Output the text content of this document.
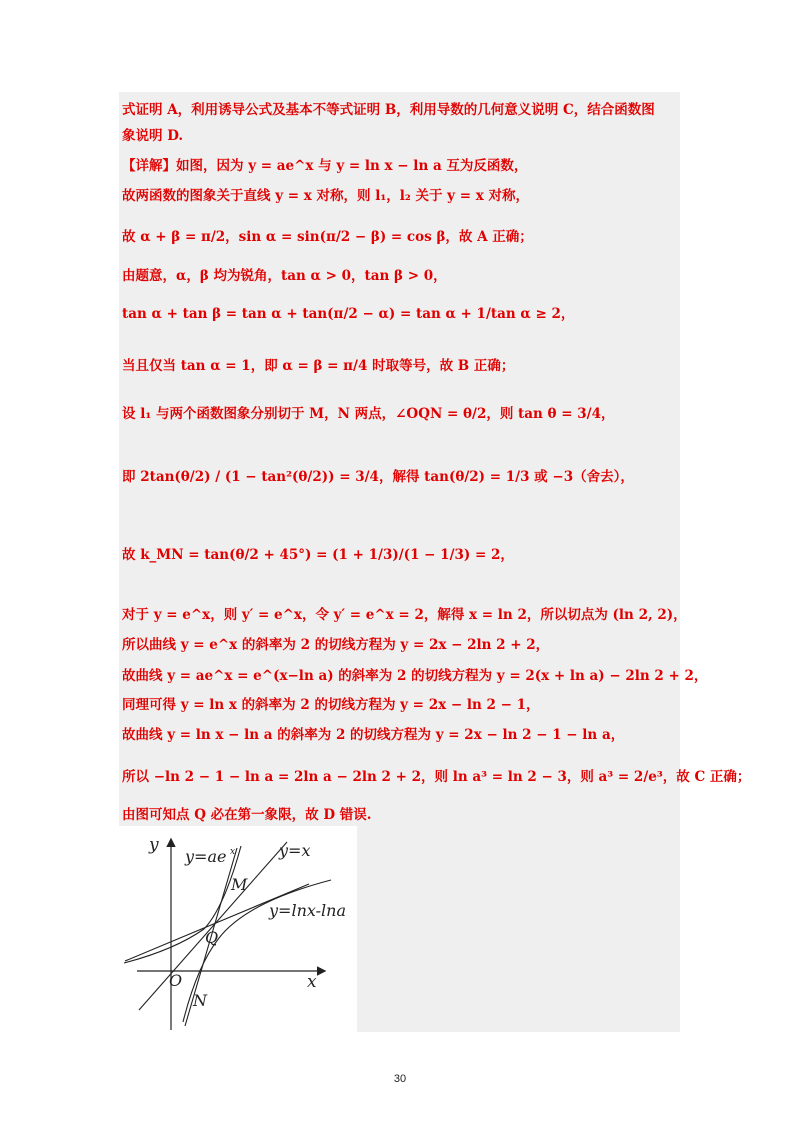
式证明 A，利用诱导公式及基本不等式证明 B，利用导数的几何意义说明 C，结合函数图
象说明 D.
【详解】如图，因为 y = ae^x 与 y = ln x − ln a 互为反函数，
故两函数的图象关于直线 y = x 对称，则 l₁，l₂ 关于 y = x 对称，
故 α + β = π/2，sin α = sin(π/2 − β) = cos β，故 A 正确；
由题意，α，β 均为锐角，tan α > 0，tan β > 0，
tan α + tan β = tan α + tan(π/2 − α) = tan α + 1/tan α ≥ 2，
当且仅当 tan α = 1，即 α = β = π/4 时取等号，故 B 正确；
设 l₁ 与两个函数图象分别切于 M，N 两点，∠OQN = θ/2，则 tan θ = 3/4，
即 2tan(θ/2) / (1 − tan²(θ/2)) = 3/4，解得 tan(θ/2) = 1/3 或 −3（舍去），
故 k_MN = tan(θ/2 + 45°) = (1 + 1/3)/(1 − 1/3) = 2，
对于 y = e^x，则 y′ = e^x，令 y′ = e^x = 2，解得 x = ln 2，所以切点为 (ln 2, 2)，
所以曲线 y = e^x 的斜率为 2 的切线方程为 y = 2x − 2ln 2 + 2，
故曲线 y = ae^x = e^(x−ln a) 的斜率为 2 的切线方程为 y = 2(x + ln a) − 2ln 2 + 2，
同理可得 y = ln x 的斜率为 2 的切线方程为 y = 2x − ln 2 − 1，
故曲线 y = ln x − ln a 的斜率为 2 的切线方程为 y = 2x − ln 2 − 1 − ln a，
所以 −ln 2 − 1 − ln a = 2ln a − 2ln 2 + 2，则 ln a³ = ln 2 − 3，则 a³ = 2/e³，故 C 正确；
由图可知点 Q 必在第一象限，故 D 错误.
y
x
O
y=ae x	y=x
M
Q
N
y=lnx-lna
30
